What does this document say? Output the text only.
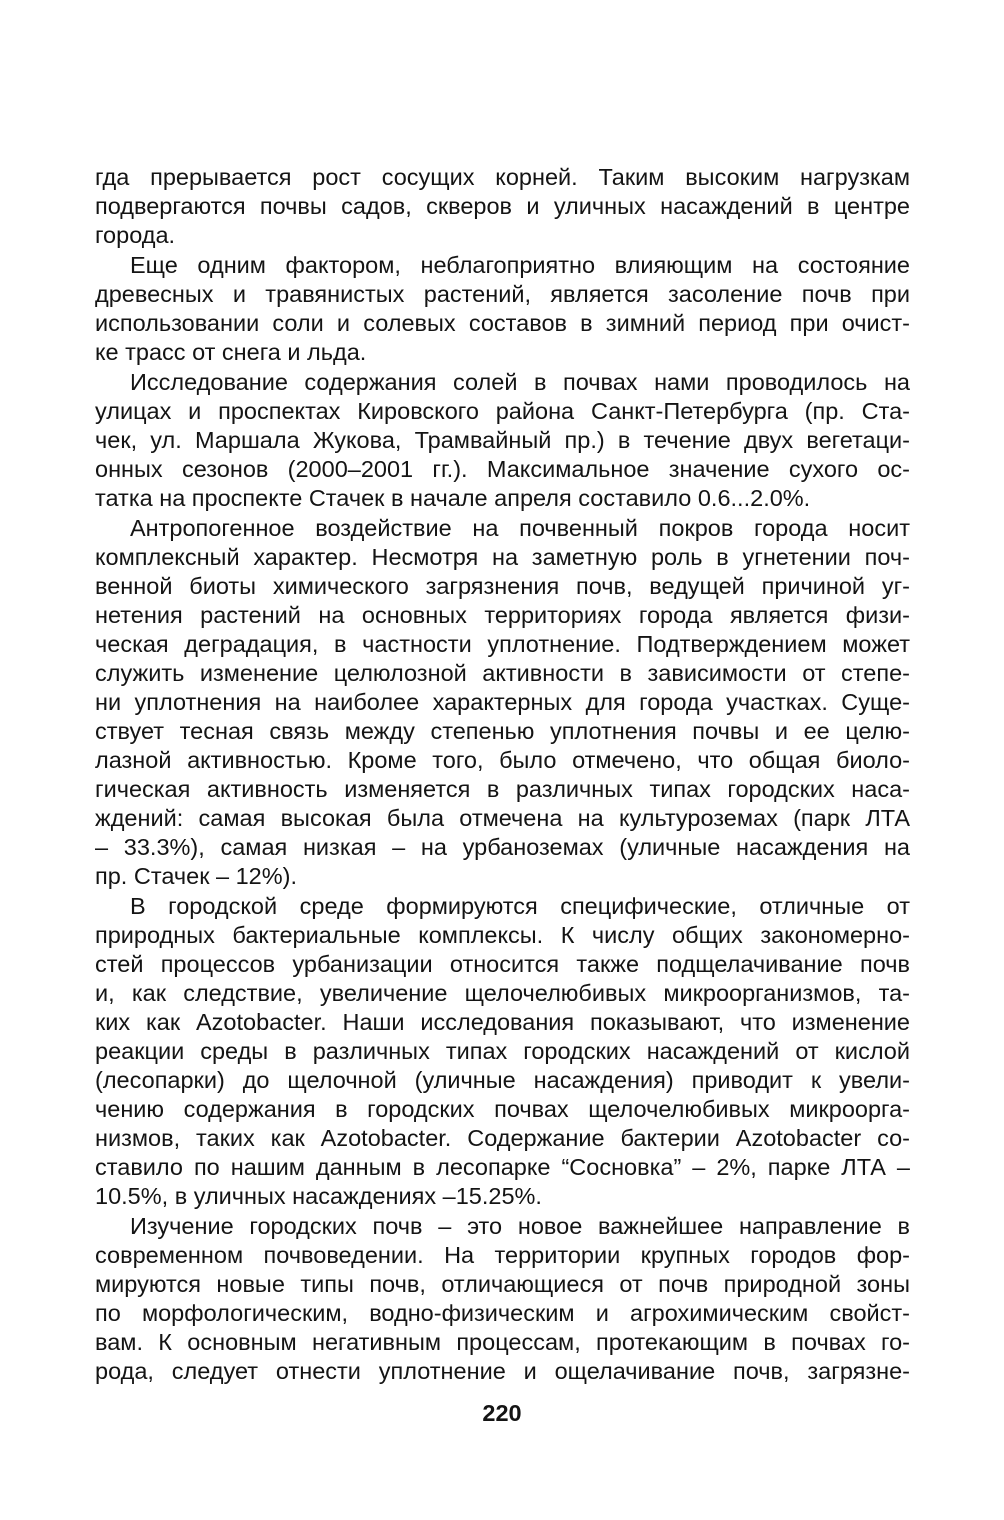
гда прерывается рост сосущих корней. Таким высоким нагрузкам
подвергаются почвы садов, скверов и уличных насаждений в центре
города.
Еще одним фактором, неблагоприятно влияющим на состояние
древесных и травянистых растений, является засоление почв при
использовании соли и солевых составов в зимний период при очист-
ке трасс от снега и льда.
Исследование содержания солей в почвах нами проводилось на
улицах и проспектах Кировского района Санкт-Петербурга (пр. Ста-
чек, ул. Маршала Жукова, Трамвайный пр.) в течение двух вегетаци-
онных сезонов (2000–2001 гг.). Максимальное значение сухого ос-
татка на проспекте Стачек в начале апреля составило 0.6...2.0%.
Антропогенное воздействие на почвенный покров города носит
комплексный характер. Несмотря на заметную роль в угнетении поч-
венной биоты химического загрязнения почв, ведущей причиной уг-
нетения растений на основных территориях города является физи-
ческая деградация, в частности уплотнение. Подтверждением может
служить изменение целюлозной активности в зависимости от степе-
ни уплотнения на наиболее характерных для города участках. Суще-
ствует тесная связь между степенью уплотнения почвы и ее целю-
лазной активностью. Кроме того, было отмечено, что общая биоло-
гическая активность изменяется в различных типах городских наса-
ждений: самая высокая была отмечена на культуроземах (парк ЛТА
– 33.3%), самая низкая – на урбаноземах (уличные насаждения на
пр. Стачек – 12%).
В городской среде формируются специфические, отличные от
природных бактериальные комплексы. К числу общих закономерно-
стей процессов урбанизации относится также подщелачивание почв
и, как следствие, увеличение щелочелюбивых микроорганизмов, та-
ких как Azotobacter. Наши исследования показывают, что изменение
реакции среды в различных типах городских насаждений от кислой
(лесопарки) до щелочной (уличные насаждения) приводит к увели-
чению содержания в городских почвах щелочелюбивых микроорга-
низмов, таких как Azotobacter. Содержание бактерии Azotobacter со-
ставило по нашим данным в лесопарке “Сосновка” – 2%, парке ЛТА –
10.5%, в уличных насаждениях –15.25%.
Изучение городских почв – это новое важнейшее направление в
современном почвоведении. На территории крупных городов фор-
мируются новые типы почв, отличающиеся от почв природной зоны
по морфологическим, водно-физическим и агрохимическим свойст-
вам. К основным негативным процессам, протекающим в почвах го-
рода, следует отнести уплотнение и ощелачивание почв, загрязне-
220
